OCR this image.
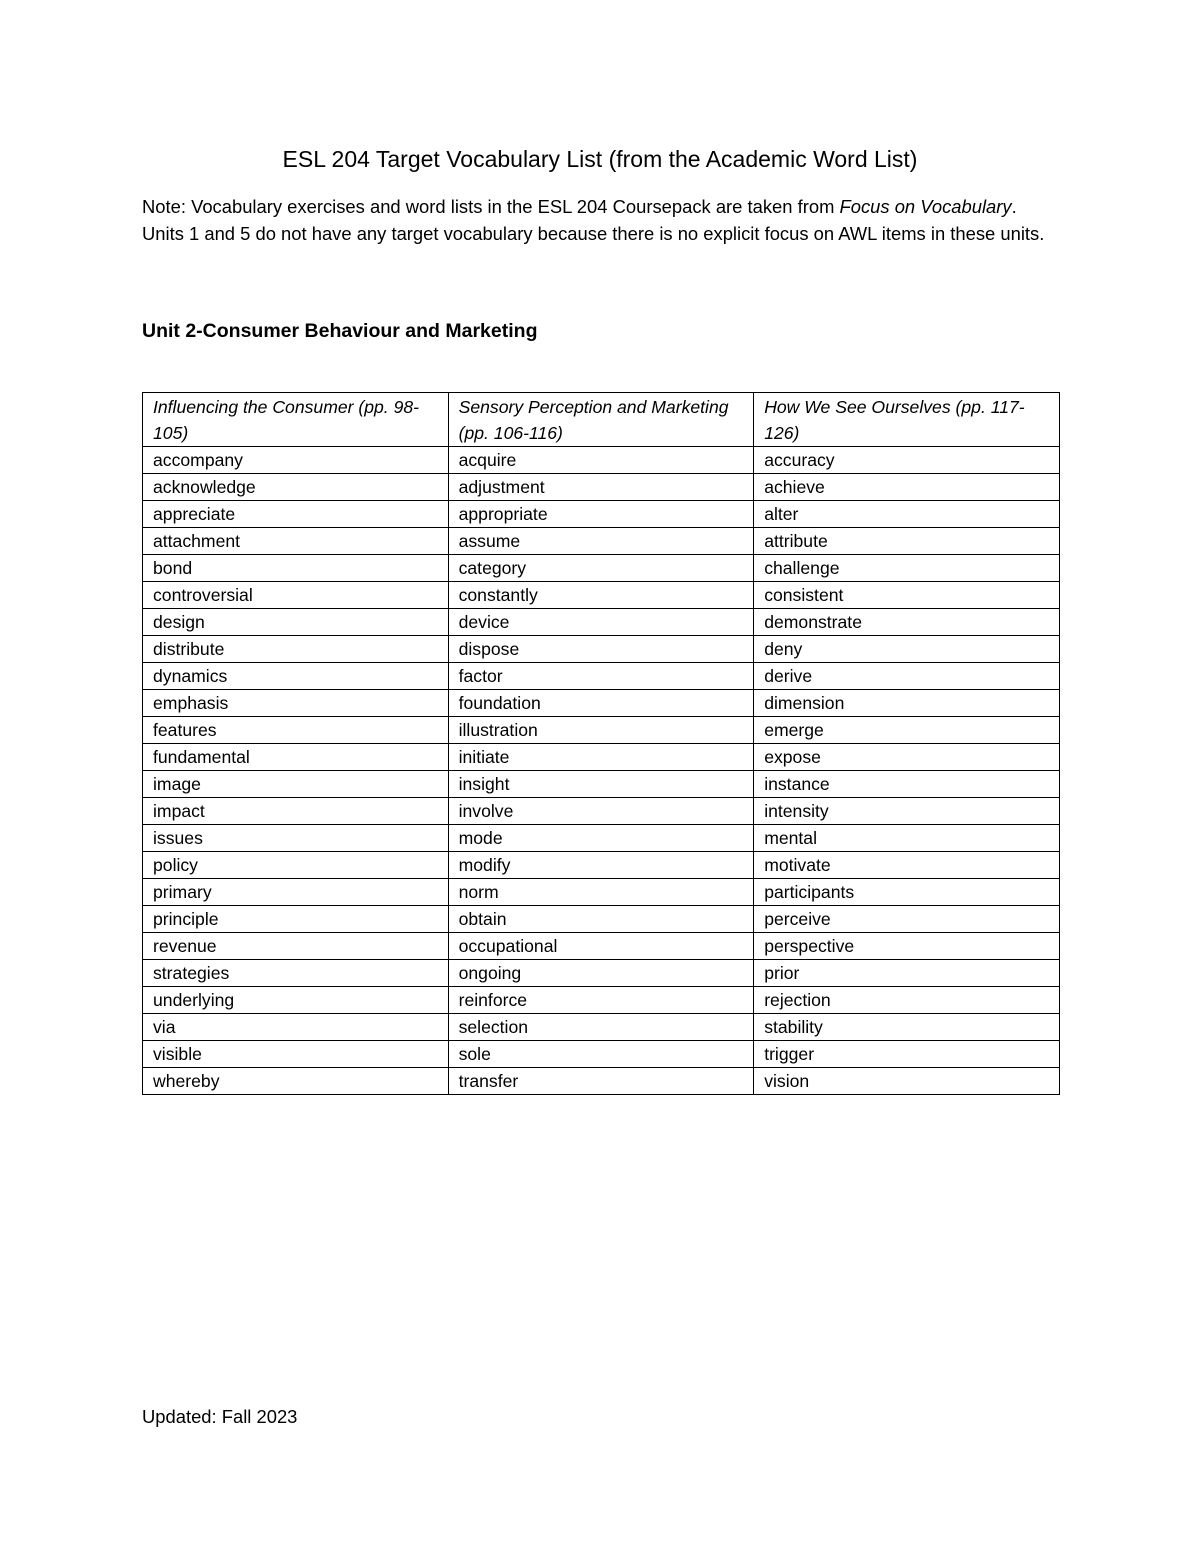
ESL 204 Target Vocabulary List (from the Academic Word List)
Note: Vocabulary exercises and word lists in the ESL 204 Coursepack are taken from Focus on Vocabulary. Units 1 and 5 do not have any target vocabulary because there is no explicit focus on AWL items in these units.
Unit 2-Consumer Behaviour and Marketing
Influencing the Consumer (pp. 98-105)	Sensory Perception and Marketing (pp. 106-116)	How We See Ourselves (pp. 117-126)
accompany	acquire	accuracy
acknowledge	adjustment	achieve
appreciate	appropriate	alter
attachment	assume	attribute
bond	category	challenge
controversial	constantly	consistent
design	device	demonstrate
distribute	dispose	deny
dynamics	factor	derive
emphasis	foundation	dimension
features	illustration	emerge
fundamental	initiate	expose
image	insight	instance
impact	involve	intensity
issues	mode	mental
policy	modify	motivate
primary	norm	participants
principle	obtain	perceive
revenue	occupational	perspective
strategies	ongoing	prior
underlying	reinforce	rejection
via	selection	stability
visible	sole	trigger
whereby	transfer	vision
Updated: Fall 2023
